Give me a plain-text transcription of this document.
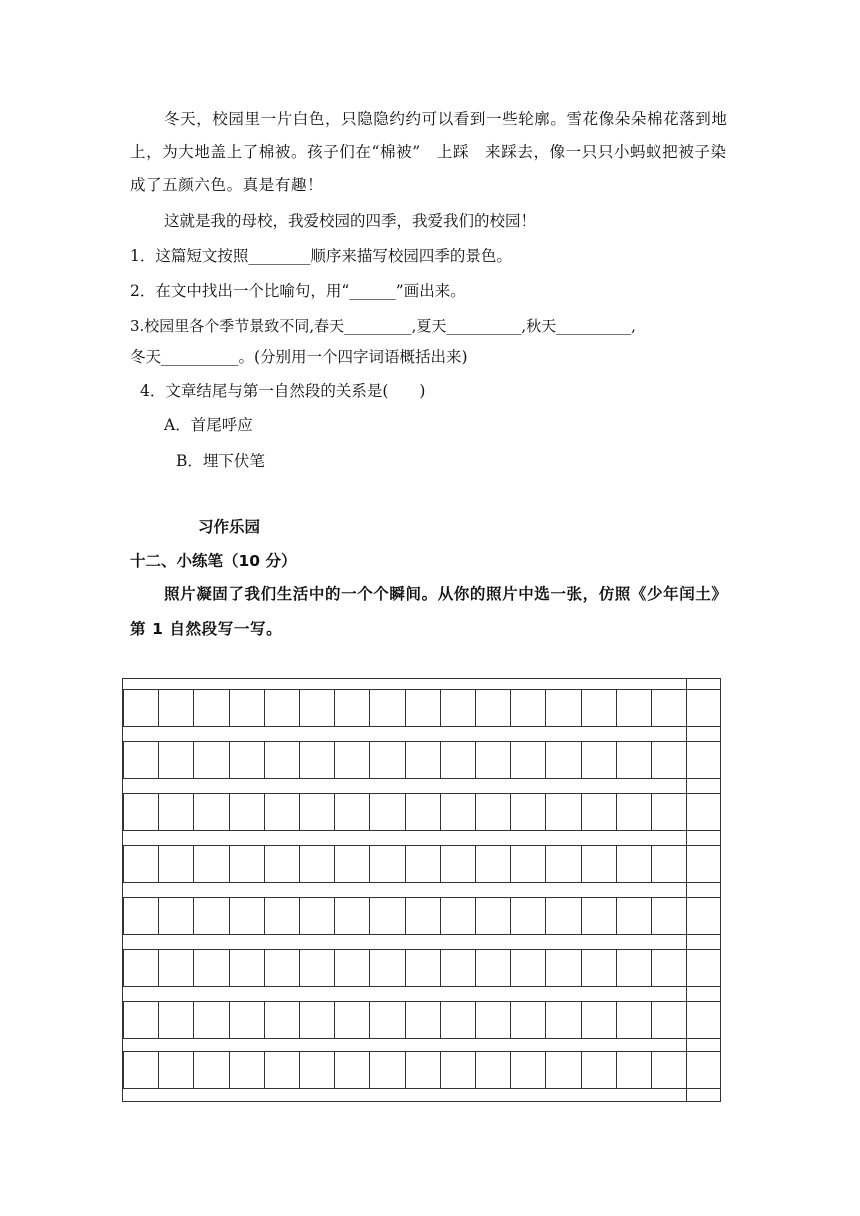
冬天，校园里一片白色，只隐隐约约可以看到一些轮廓。雪花像朵朵棉花落到地上，为大地盖上了棉被。孩子们在“棉被”　上踩　来踩去，像一只只小蚂蚁把被子染成了五颜六色。真是有趣！
这就是我的母校，我爱校园的四季，我爱我们的校园！
1．这篇短文按照________顺序来描写校园四季的景色。
2．在文中找出一个比喻句，用“______”画出来。
3.校园里各个季节景致不同,春天_________,夏天__________,秋天__________,
冬天__________。(分别用一个四字词语概括出来)
4．文章结尾与第一自然段的关系是(　　)
A．首尾呼应
B．埋下伏笔
习作乐园
十二、小练笔（10 分）
照片凝固了我们生活中的一个个瞬间。从你的照片中选一张，仿照《少年闰土》第 1 自然段写一写。
